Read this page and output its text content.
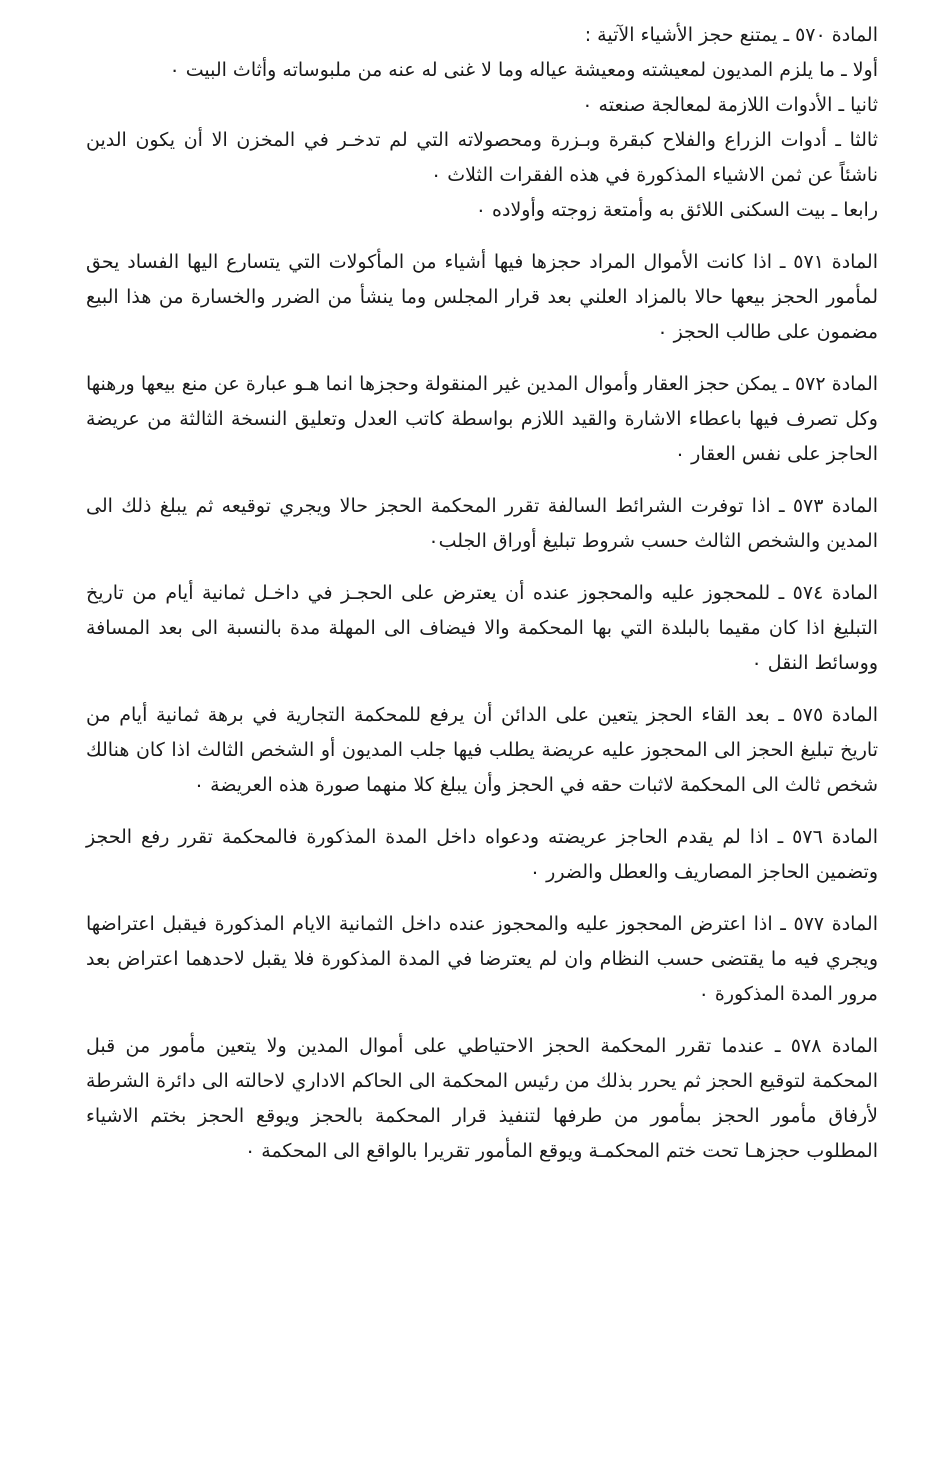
المادة ٥٧٠ ـ يمتنع حجز الأشياء الآتية :

أولا ـ ما يلزم المديون لمعيشته ومعيشة عياله وما لا غنى له عنه من ملبوساته وأثاث البيت ٠

ثانيا ـ الأدوات اللازمة لمعالجة صنعته ٠

ثالثا ـ أدوات الزراع والفلاح كبقرة وبـزرة ومحصولاته التي لم تدخـر في المخزن الا أن يكون الدين ناشئاً عن ثمن الاشياء المذكورة في هذه الفقرات الثلاث ٠

رابعا ـ بيت السكنى اللائق به وأمتعة زوجته وأولاده ٠

المادة ٥٧١ ـ اذا كانت الأموال المراد حجزها فيها أشياء من المأكولات التي يتسارع اليها الفساد يحق لمأمور الحجز بيعها حالا بالمزاد العلني بعد قرار المجلس وما ينشأ من الضرر والخسارة من هذا البيع مضمون على طالب الحجز ٠

المادة ٥٧٢ ـ يمكن حجز العقار وأموال المدين غير المنقولة وحجزها انما هـو عبارة عن منع بيعها ورهنها وكل تصرف فيها باعطاء الاشارة والقيد اللازم بواسطة كاتب العدل وتعليق النسخة الثالثة من عريضة الحاجز على نفس العقار ٠

المادة ٥٧٣ ـ اذا توفرت الشرائط السالفة تقرر المحكمة الحجز حالا ويجري توقيعه ثم يبلغ ذلك الى المدين والشخص الثالث حسب شروط تبليغ أوراق الجلب٠

المادة ٥٧٤ ـ للمحجوز عليه والمحجوز عنده أن يعترض على الحجـز في داخـل ثمانية أيام من تاريخ التبليغ اذا كان مقيما بالبلدة التي بها المحكمة والا فيضاف الى المهلة مدة بالنسبة الى بعد المسافة ووسائط النقل ٠

المادة ٥٧٥ ـ بعد القاء الحجز يتعين على الدائن أن يرفع للمحكمة التجارية في برهة ثمانية أيام من تاريخ تبليغ الحجز الى المحجوز عليه عريضة يطلب فيها جلب المديون أو الشخص الثالث اذا كان هنالك شخص ثالث الى المحكمة لاثبات حقه في الحجز وأن يبلغ كلا منهما صورة هذه العريضة ٠

المادة ٥٧٦ ـ اذا لم يقدم الحاجز عريضته ودعواه داخل المدة المذكورة فالمحكمة تقرر رفع الحجز وتضمين الحاجز المصاريف والعطل والضرر ٠

المادة ٥٧٧ ـ اذا اعترض المحجوز عليه والمحجوز عنده داخل الثمانية الايام المذكورة فيقبل اعتراضها ويجري فيه ما يقتضى حسب النظام وان لم يعترضا في المدة المذكورة فلا يقبل لاحدهما اعتراض بعد مرور المدة المذكورة ٠

المادة ٥٧٨ ـ عندما تقرر المحكمة الحجز الاحتياطي على أموال المدين ولا يتعين مأمور من قبل المحكمة لتوقيع الحجز ثم يحرر بذلك من رئيس المحكمة الى الحاكم الاداري لاحالته الى دائرة الشرطة لأرفاق مأمور الحجز بمأمور من طرفها لتنفيذ قرار المحكمة بالحجز ويوقع الحجز بختم الاشياء المطلوب حجزهـا تحت ختم المحكمـة ويوقع المأمور تقريرا بالواقع الى المحكمة ٠
